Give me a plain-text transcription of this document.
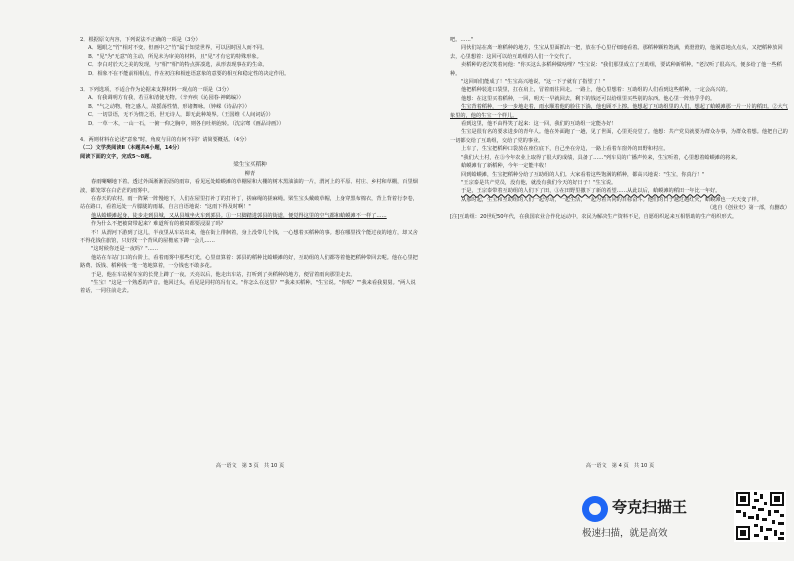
2．根据原文内容，下列说法不正确的一项是（3分）

A．题眼之"竹"相对不变，但画中之"竹"属于知觉世界，可以因时因人而不同。

B．"见"为"无意"的主动，所见未为审美的材料，且"见"才有它的特殊形象。

C．李白对於天之美的发现，与"相""相"的特点拼凑选，从形表现事在的生命。

D．相象不在不能前相相点，作在初注和相连语意象的意要的相互和稳定性的决定作用。

3．下列选项，不适合作为论据来支撑材料一观点的一项是（3分）

A．有我调明方有我，若亘和清使无物。（辛弃疾《沁园春·神鹤编》）

B．"气之动物，物之感人，故摇荡性情，形诸舞咏。（钟嵘《诗品序》）

C．一切景语，无不为情之语，世无诗人，即无此种境界。（王国维《人间词话》）

D．一草一木，一山一石，一俯一仰之胸中，则各自吐纳泡转。（沈宗骞《画品诗画》）

4．两则材料在论述"意象"时，角度与目的有何不同？请简要概括。（4分）

（二）文学类阅读Ⅱ（本题共4小题，14分）

阅读下面的文字，完成5～8题。

梁生宝买稻种

柳青

春雨唰唰地下着。透过外面淅淅沥沥的雨帘，看见远处蛤蟆滩的草棚屋和大棚的树木黑油油的一片，渭河上的平原、村庄、乡村和草棚，百里烟波，都笼罩在白茫茫的雨雾中。

在春天的农村，雨一阵紧一阵慢地下，人们在屋里打补丁的打补丁，搓麻绳的搓麻绳。梁生宝头戴破草帽，上身穿黑布棉衣，背上背着行李卷，站在路口，看着远处一片朦胧的雨幕，自言自语地说："这雨下得及时啊！"

他从蛤蟆滩起身，徒步走到县城，又从县城坐火车到郭县。①一只脚踏进郭县的街道，便觉得这里的空气都和蛤蟆滩不一样了……

作为什么不把被窝带起来？难道所有的被窝都要浸湿了吗？

不！从渭河下游到了这儿，半夜里从车站出来，他在街上徘徊着，身上没带几个钱，一心想着买稻种的事。想在哪里找个能过夜的地方，却又舍不得花钱住旅馆，只好找一个背风的屋檐底下蹲一会儿……

"这时候你还是一夜吗？"……

他站在车站门口的台阶上，看着雨雾中那些灯光，心里盘算着：郭县的稻种比蛤蟆滩的好，互助组的人们都等着他把稻种带回去呢。他在心里把路费、饭钱、稻种钱一笔一笔地算着，一分钱也不敢多花。

于是，他在车站候车室的长凳上蹲了一夜。天亮以后，他走出车站，打听到了卖稻种的地方，便冒着雨向那里走去。

"生宝！"这是一个熟悉的声音。他回过头，看见是同村的冯有义。"你怎么在这里？""我来买稻种。"生宝说。"你呢？""我来看我舅舅。"两人说着话，一同往前走去。

高一语文　第 3 页　共 10 页

吧。……"

同伙们站在离一堆稻种的地方，生宝从里面抓出一把，放在手心里仔细地看着。那稻种颗粒饱满，黄澄澄的，他满意地点点头，又把稻种放回去，心里想着：这回可以给互助组的人们一个交代了。

卖稻种的老汉笑着问他："你买这么多稻种做啥哩？"生宝说："我们那里成立了互助组，要试种新稻种。"老汉听了很高兴，便多给了他一些稻种。

"这回咱们能成了！"生宝高兴地说，"这一下子就有了指望了！"

他把稻种装进口袋里，扛在肩上，冒着雨往回走。一路上，他心里想着：互助组的人们看到这些稻种，一定会高兴的。

他想：在这里买着稻种，一回，明天一早就回去，剩下的钱还可以给组里买些别的东西。他心里一阵热乎乎的。

生宝背着稻种，一步一步地走着，雨水顺着他的脸往下淌，他也顾不上擦。他想起了互助组里的人们，想起了蛤蟆滩那一片一片的稻田。②大气象里的，他的生宝一个样儿。

看到这里，他不由得笑了起来：这一回，我们的互助组一定能办好！

生宝是很有名的要求进步的青年人。他在外面跑了一趟，见了世面，心里更亮堂了。他想：共产党员就要为群众办事，为群众着想。他把自己的一切都交给了互助组，交给了党的事业。

上车了，生宝把稻种口袋放在座位底下，自己坐在旁边，一路上看着车窗外的田野和村庄。

"我们大土村，在③今年农业上取得了很大的成绩，具备了……"列车员的广播声传来，生宝听着，心里想着蛤蟆滩的将来。

蛤蟆滩有了新稻种，今年一定能丰收！

回到蛤蟆滩，生宝把稻种分给了互助组的人们。大家看着这些饱满的稻种，都高兴地说："生宝，你真行！"

"王宗泰是共产党员，没有他，就没有我们今天的好日子！"生宝说。

于是，王宗泰带着互助组的人们下了田，③在田野里撒下了新的希望……从此以后，蛤蟆滩的稻田一年比一年好。

从那时起，生宝和互助组的人们一起劳动，一起生活，一起为着共同的目标奋斗。他们的日子越过越红火，蛤蟆滩也一天天变了样。

（选自《创业史》第一部，有删改）

[注]互助组：20世纪50年代，在我国农业合作化运动中，农民为解决生产资料不足，自愿组织起来互相帮助的生产组织形式。

高一语文　第 4 页　共 10 页
夸克扫描王
极速扫描，就是高效
